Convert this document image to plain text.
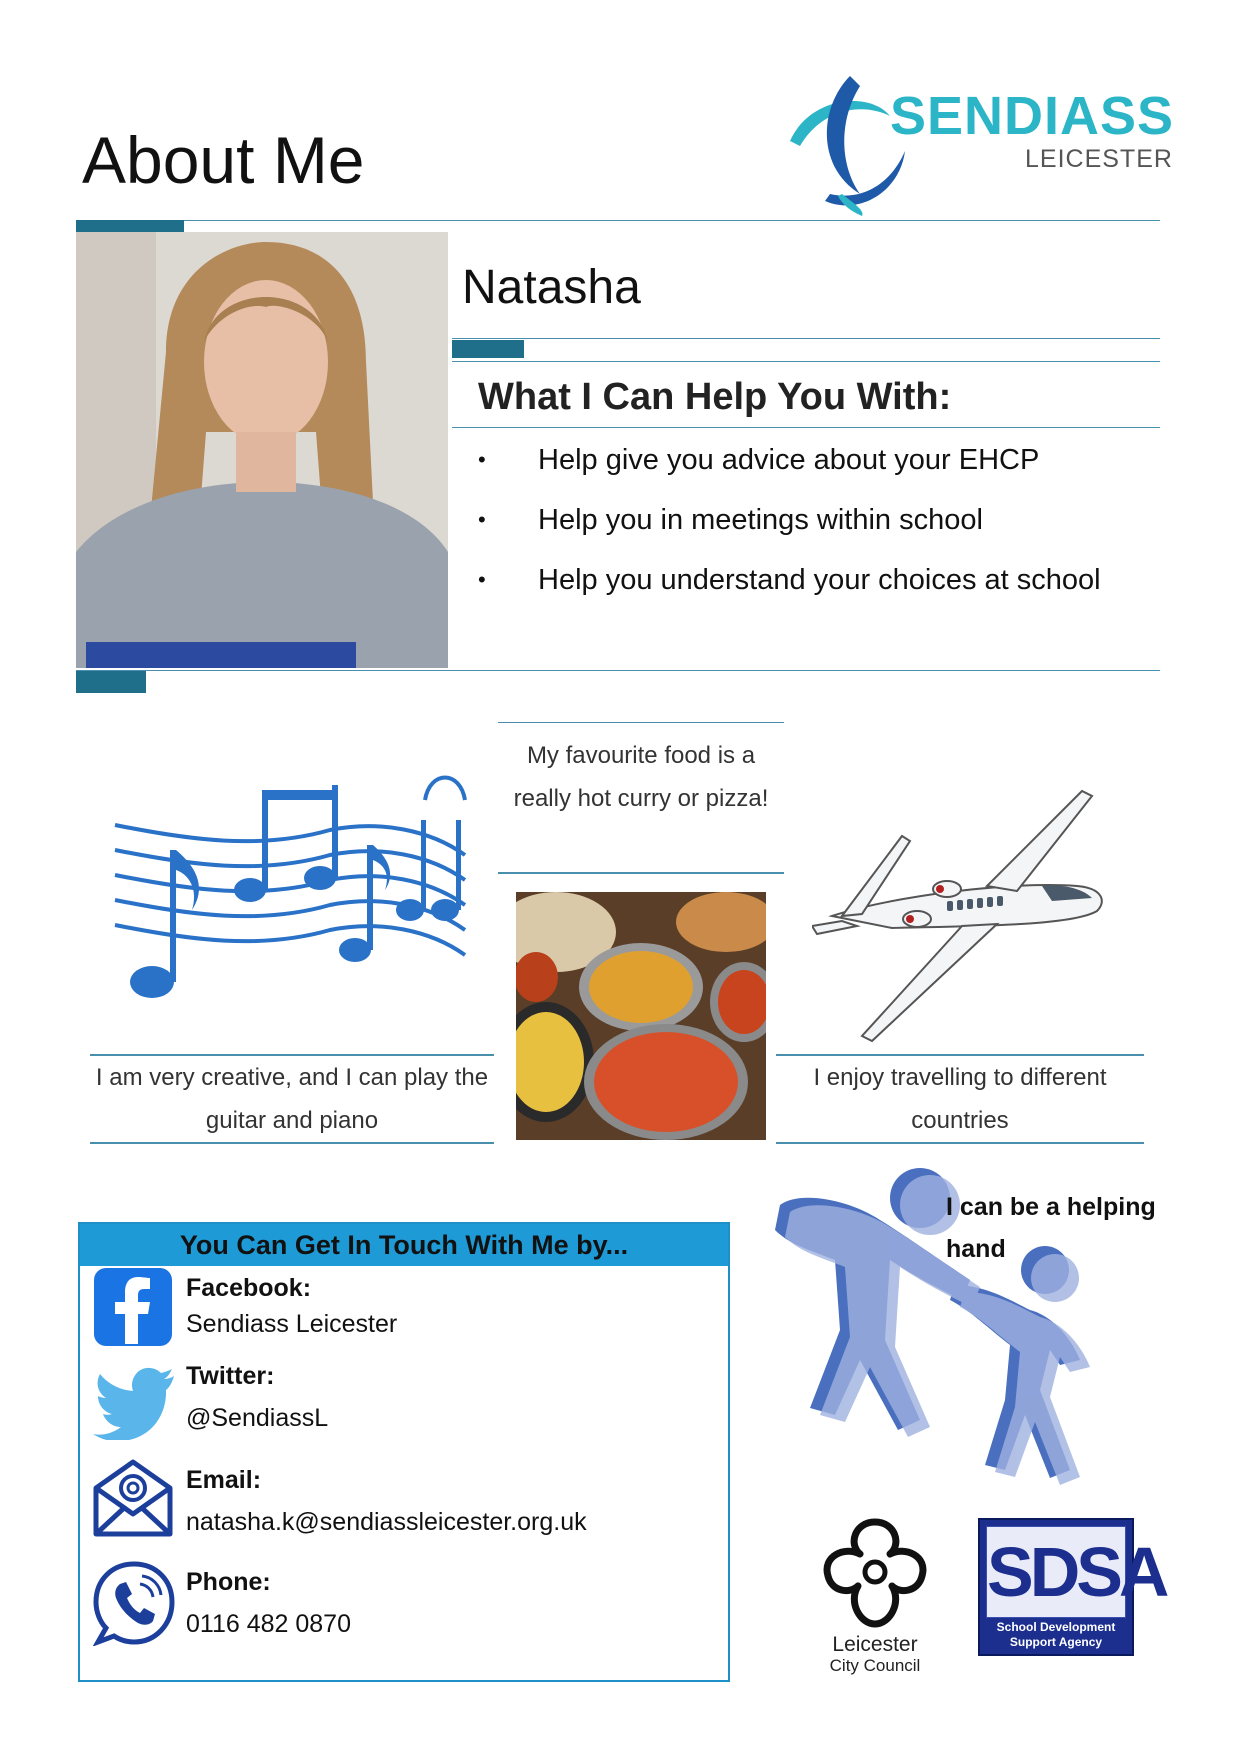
About Me
SENDIASS
LEICESTER
Natasha
What I Can Help You With:
• Help give you advice about your EHCP
• Help you in meetings within school
• Help you understand your choices at school
I am very creative, and I can play the guitar and piano
My favourite food is a really hot curry or pizza!
I enjoy travelling to different countries
You Can Get In Touch With Me by...
Facebook:
Sendiass Leicester
Twitter:
@SendiassL
Email:
natasha.k@sendiassleicester.org.uk
Phone:
0116 482 0870
I can be a helping hand
Leicester
City Council
SDSA
School Development
Support Agency
